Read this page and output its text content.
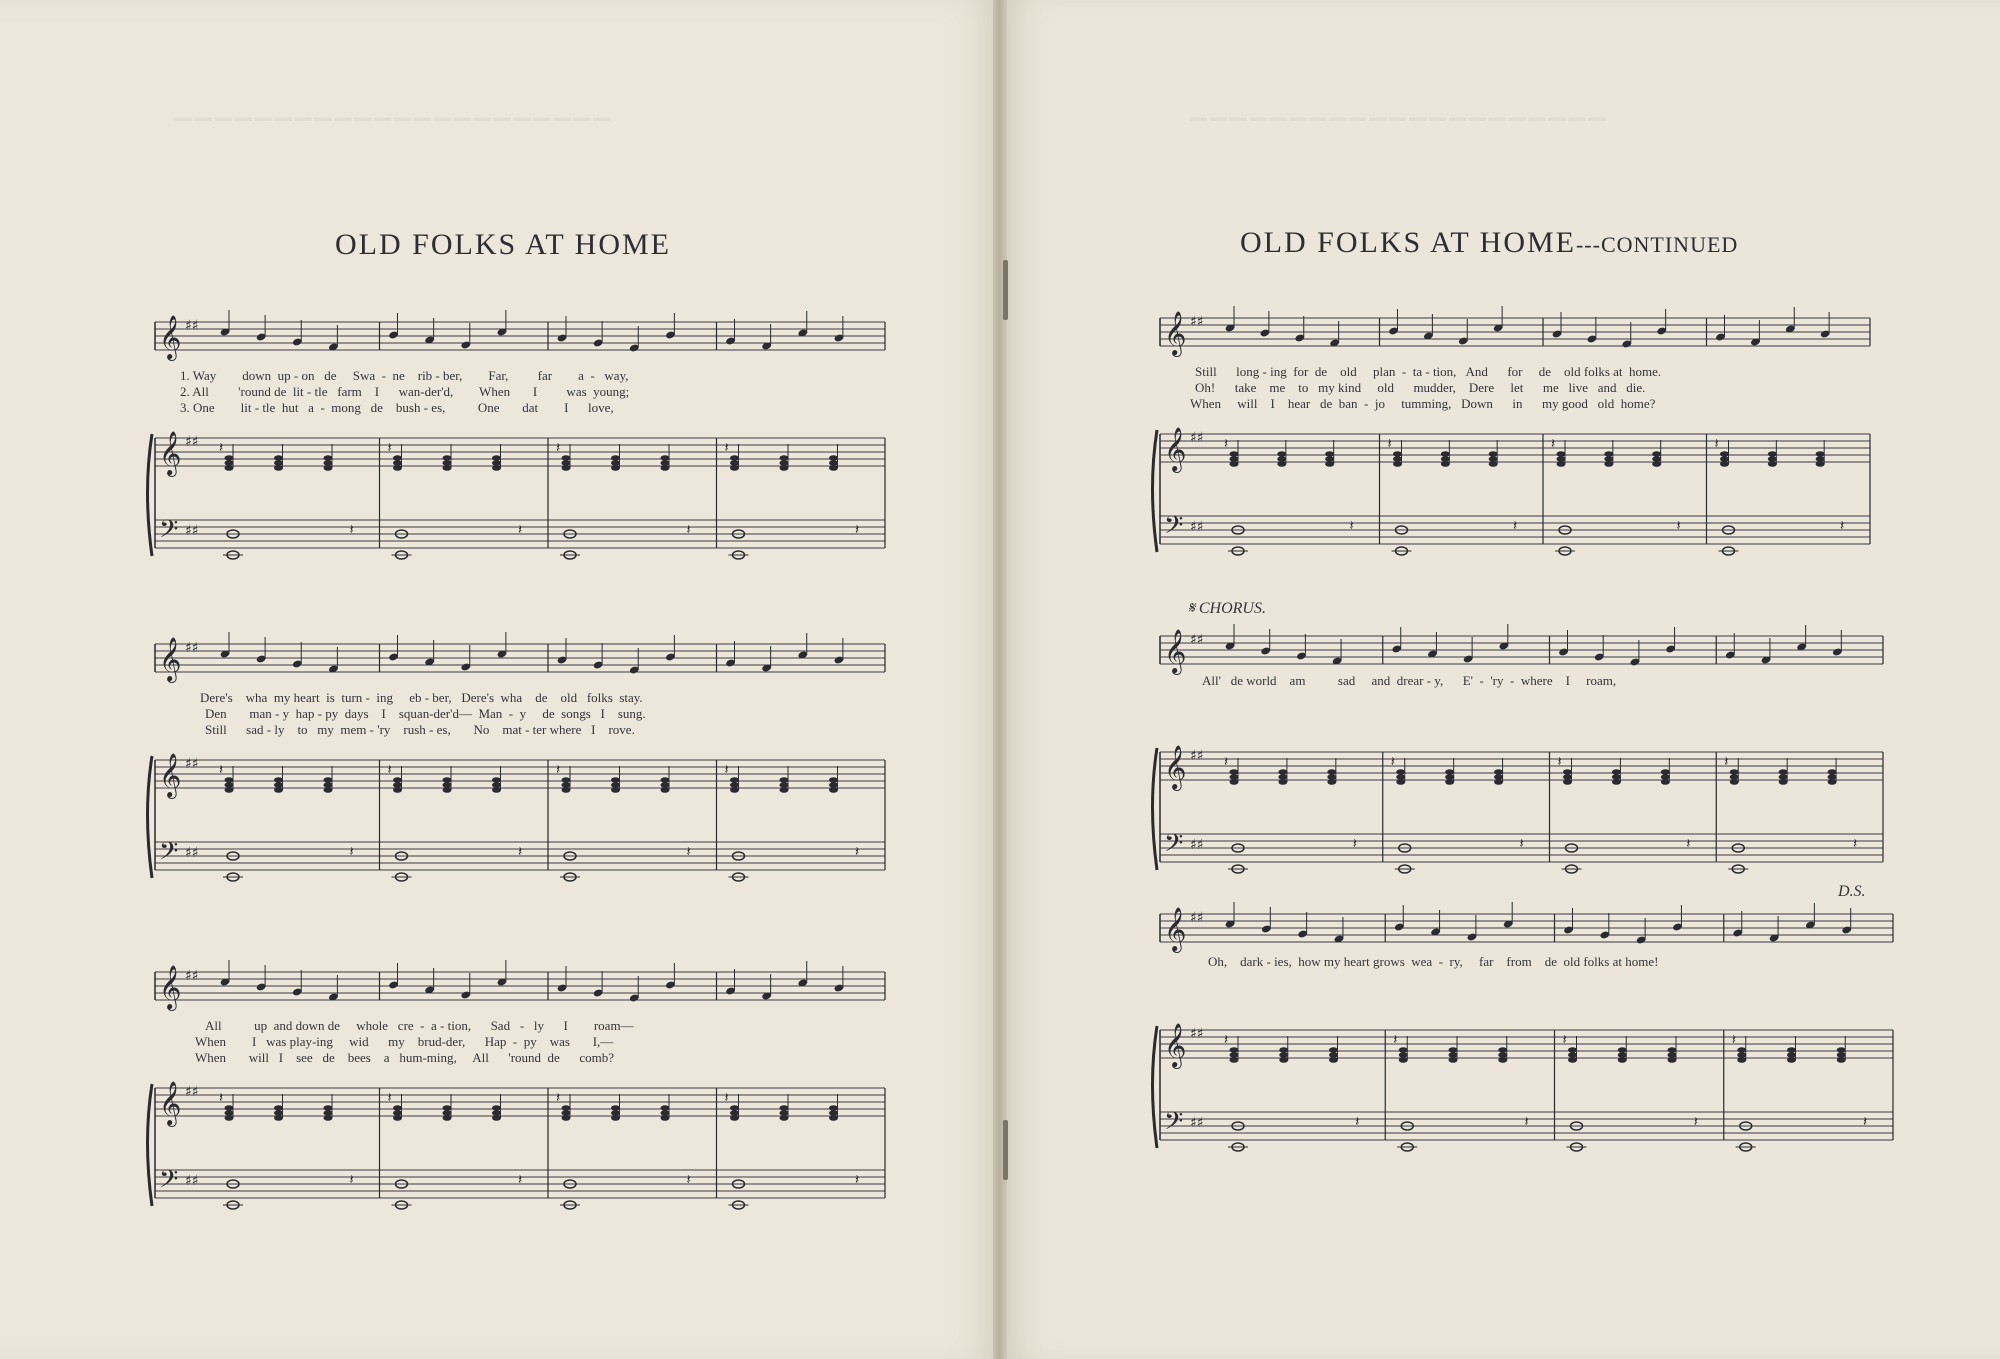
▔▔▔▔▔▔▔▔▔▔▔▔▔▔▔▔▔▔▔▔▔▔
OLD FOLKS AT HOME
𝄞
𝄞
𝄢
♯♯
♯♯
♯♯
𝄽
𝄽
𝄽
𝄽
𝄽
𝄽
𝄽
𝄽
1. Way        down  up - on   de     Swa  -  ne    rib - ber,        Far,         far        a  -   way,
2. All         'round de  lit - tle   farm    I      wan-der'd,        When       I         was  young;
3. One        lit - tle  hut   a  -  mong   de    bush - es,          One       dat        I      love,
𝄞
𝄞
𝄢
♯♯
♯♯
♯♯
𝄽
𝄽
𝄽
𝄽
𝄽
𝄽
𝄽
𝄽
Dere's    wha  my heart  is  turn -  ing     eb - ber,   Dere's  wha    de    old   folks  stay.
Den       man - y  hap - py  days    I    squan-der'd—  Man  -  y     de  songs   I    sung.
Still      sad - ly    to   my  mem - 'ry    rush - es,       No    mat - ter where   I    rove.
𝄞
𝄞
𝄢
♯♯
♯♯
♯♯
𝄽
𝄽
𝄽
𝄽
𝄽
𝄽
𝄽
𝄽
All          up  and down de     whole   cre  -  a - tion,      Sad   -   ly      I        roam—
When        I   was play-ing     wid      my    brud-der,      Hap  -  py    was       I,—
When       will   I    see   de    bees    a   hum-ming,     All      'round  de      comb?
▔▔▔▔▔▔▔▔▔▔▔▔▔▔▔▔▔▔▔▔▔
OLD FOLKS AT HOME---CONTINUED
𝄞
𝄞
𝄢
♯♯
♯♯
♯♯
𝄽
𝄽
𝄽
𝄽
𝄽
𝄽
𝄽
𝄽
Still      long - ing  for  de    old     plan  -  ta - tion,   And      for     de    old folks at  home.
Oh!      take    me    to   my kind     old      mudder,    Dere     let      me   live   and   die.
When     will    I    hear   de  ban  -  jo     tumming,   Down      in      my good   old  home?
𝄋 CHORUS.
𝄞
𝄞
𝄢
♯♯
♯♯
♯♯
𝄽
𝄽
𝄽
𝄽
𝄽
𝄽
𝄽
𝄽
All'   de world    am          sad     and  drear - y,      E'  -  'ry  -  where    I     roam,
D.S.
𝄞
𝄞
𝄢
♯♯
♯♯
♯♯
𝄽
𝄽
𝄽
𝄽
𝄽
𝄽
𝄽
𝄽
Oh,    dark - ies,  how my heart grows  wea  -  ry,     far    from    de  old folks at home!
